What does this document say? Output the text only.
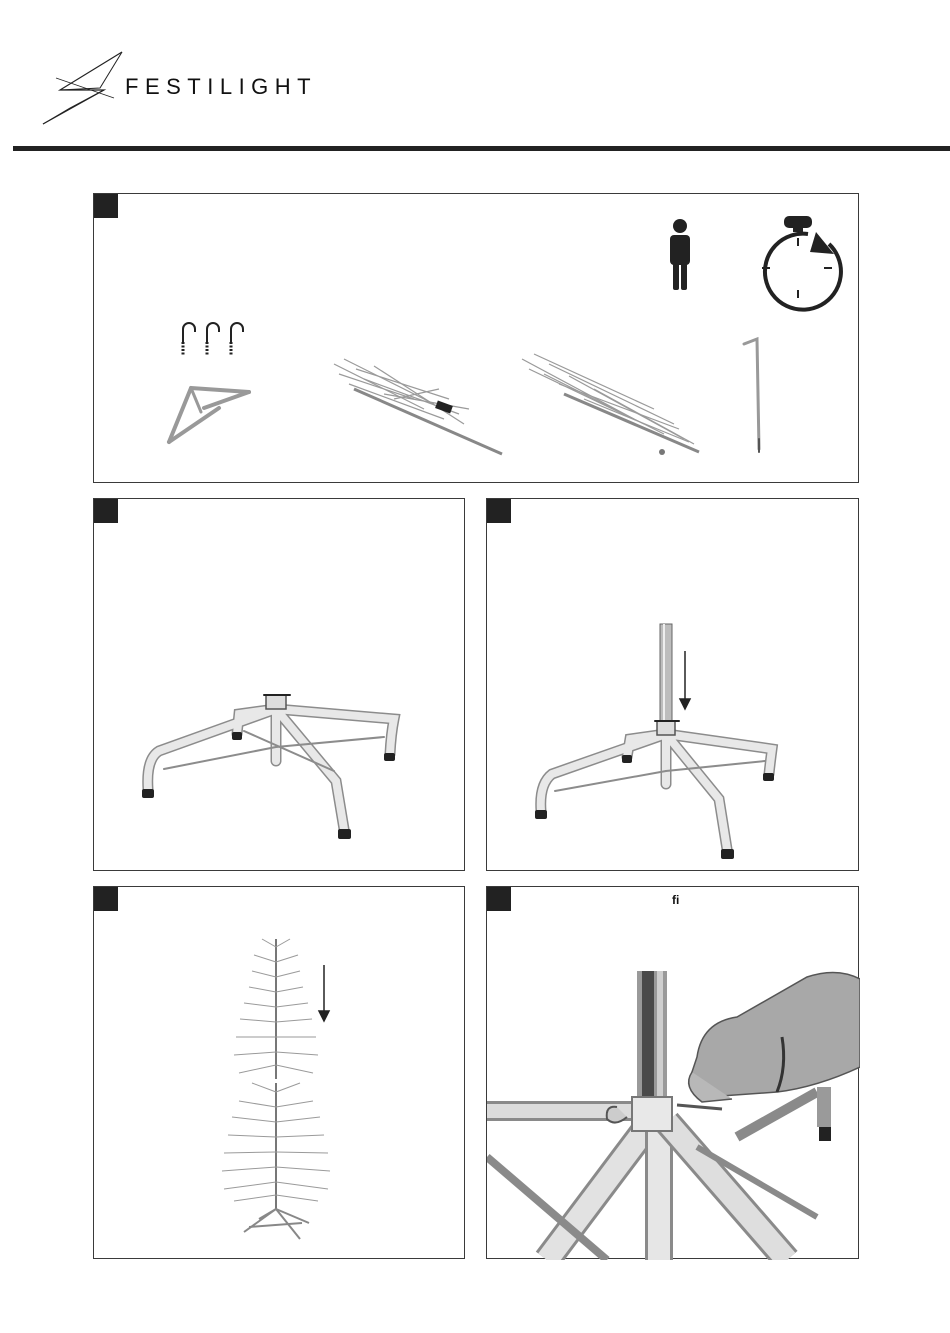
FESTILIGHT
fi
